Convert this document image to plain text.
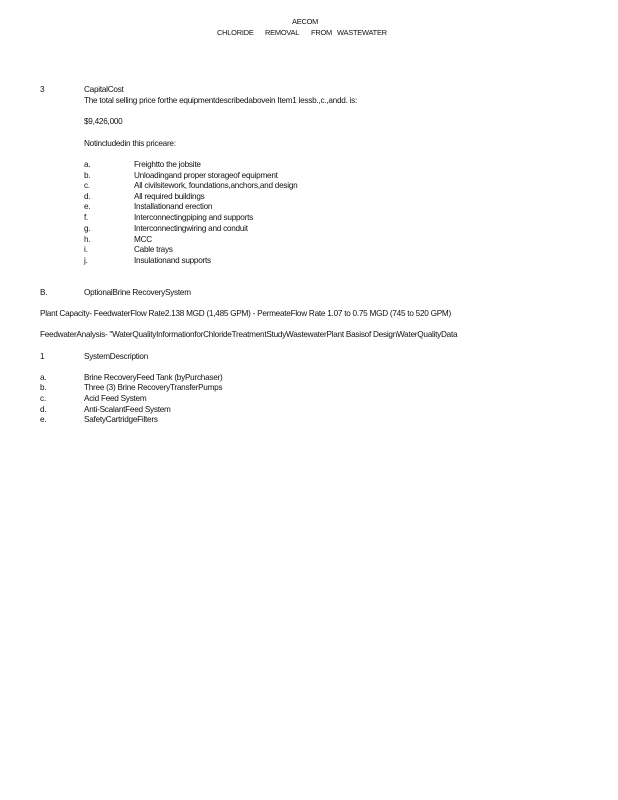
AECOM
CHLORIDE REMOVAL FROM WASTEWATER
3	CapitalCost
The total selling price forthe equipmentdescribedabovein Item1 lessb.,c.,andd. is:
$9,426,000
Notincludedin this priceare:
a.	Freightto the jobsite
b.	Unloadingand proper storageof equipment
c.	All civilsitework, foundations,anchors,and design
d.	All required buildings
e.	Installationand erection
f.	Interconnectingpiping and supports
g.	Interconnectingwiring and conduit
h.	MCC
i.	Cable trays
j.	Insulationand supports
B.	OptionalBrine RecoverySystem
Plant Capacity- FeedwaterFlow Rate2.138 MGD (1,485 GPM) - PermeateFlow Rate 1.07 to 0.75 MGD (745 to 520 GPM)
FeedwaterAnalysis- "WaterQualityInformationforChlorideTreatmentStudyWastewaterPlant Basisof DesignWaterQualityData
1	SystemDescription
a.	Brine RecoveryFeed Tank (byPurchaser)
b.	Three (3) Brine RecoveryTransferPumps
c.	Acid Feed System
d.	Anti-ScalantFeed System
e.	SafetyCartridgeFilters
